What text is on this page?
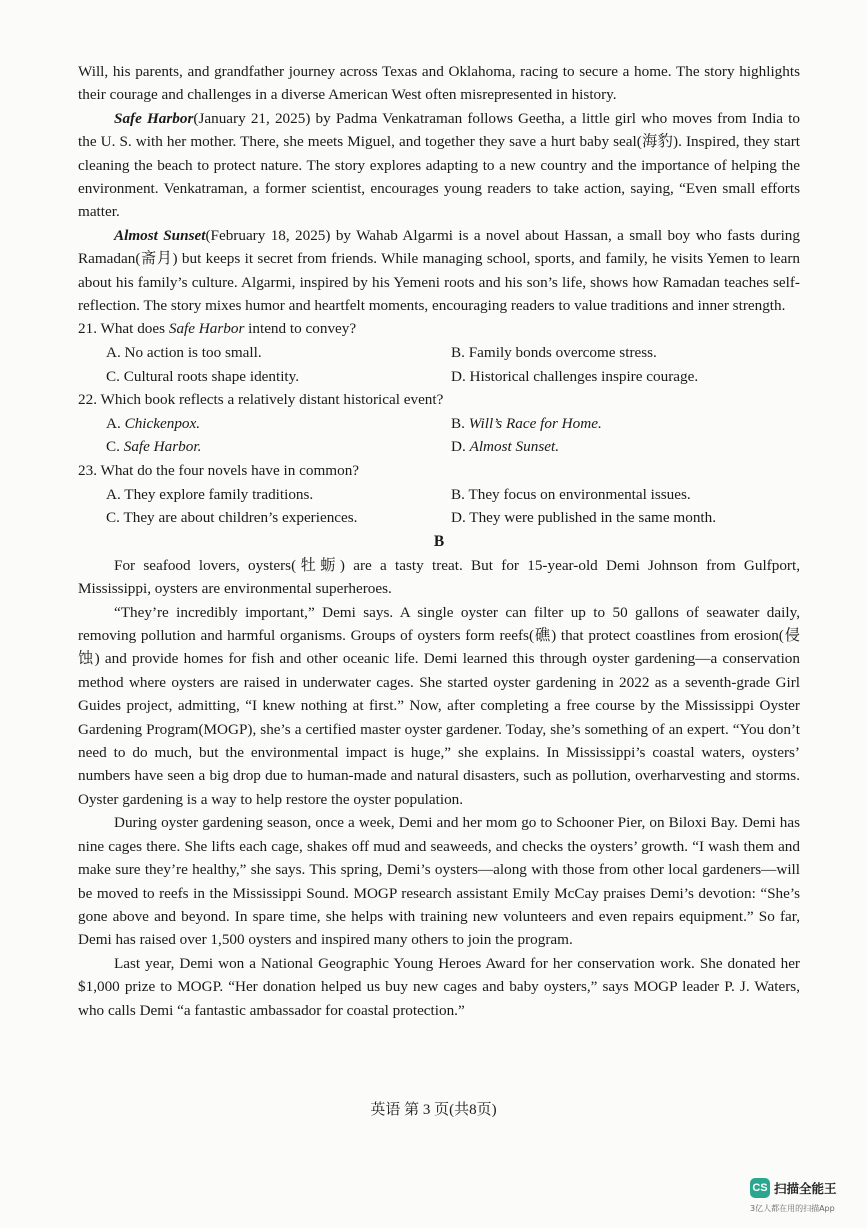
Will, his parents, and grandfather journey across Texas and Oklahoma, racing to secure a home. The story highlights their courage and challenges in a diverse American West often misrepresented in history.

Safe Harbor(January 21, 2025) by Padma Venkatraman follows Geetha, a little girl who moves from India to the U. S. with her mother. There, she meets Miguel, and together they save a hurt baby seal(海豹). Inspired, they start cleaning the beach to protect nature. The story explores adapting to a new country and the importance of helping the environment. Venkatraman, a former scientist, encourages young readers to take action, saying, “Even small efforts matter.

Almost Sunset(February 18, 2025) by Wahab Algarmi is a novel about Hassan, a small boy who fasts during Ramadan(斋月) but keeps it secret from friends. While managing school, sports, and family, he visits Yemen to learn about his family’s culture. Algarmi, inspired by his Yemeni roots and his son’s life, shows how Ramadan teaches self-reflection. The story mixes humor and heartfelt moments, encouraging readers to value traditions and inner strength.

21. What does Safe Harbor intend to convey?
A. No action is too small.	B. Family bonds overcome stress.
C. Cultural roots shape identity.	D. Historical challenges inspire courage.
22. Which book reflects a relatively distant historical event?
A. Chickenpox.	B. Will’s Race for Home.
C. Safe Harbor.	D. Almost Sunset.
23. What do the four novels have in common?
A. They explore family traditions.	B. They focus on environmental issues.
C. They are about children’s experiences.	D. They were published in the same month.
B

For seafood lovers, oysters(牡蛎) are a tasty treat. But for 15-year-old Demi Johnson from Gulfport, Mississippi, oysters are environmental superheroes.

“They’re incredibly important,” Demi says. A single oyster can filter up to 50 gallons of seawater daily, removing pollution and harmful organisms. Groups of oysters form reefs(礁) that protect coastlines from erosion(侵蚀) and provide homes for fish and other oceanic life. Demi learned this through oyster gardening—a conservation method where oysters are raised in underwater cages. She started oyster gardening in 2022 as a seventh-grade Girl Guides project, admitting, “I knew nothing at first.” Now, after completing a free course by the Mississippi Oyster Gardening Program(MOGP), she’s a certified master oyster gardener. Today, she’s something of an expert. “You don’t need to do much, but the environmental impact is huge,” she explains. In Mississippi’s coastal waters, oysters’ numbers have seen a big drop due to human-made and natural disasters, such as pollution, overharvesting and storms. Oyster gardening is a way to help restore the oyster population.

During oyster gardening season, once a week, Demi and her mom go to Schooner Pier, on Biloxi Bay. Demi has nine cages there. She lifts each cage, shakes off mud and seaweeds, and checks the oysters’ growth. “I wash them and make sure they’re healthy,” she says. This spring, Demi’s oysters—along with those from other local gardeners—will be moved to reefs in the Mississippi Sound. MOGP research assistant Emily McCay praises Demi’s devotion: “She’s gone above and beyond. In spare time, she helps with training new volunteers and even repairs equipment.” So far, Demi has raised over 1,500 oysters and inspired many others to join the program.

Last year, Demi won a National Geographic Young Heroes Award for her conservation work. She donated her $1,000 prize to MOGP. “Her donation helped us buy new cages and baby oysters,” says MOGP leader P. J. Waters, who calls Demi “a fantastic ambassador for coastal protection.”

英语 第 3 页(共8页)
CS 扫描全能王
3亿人都在用的扫描App
